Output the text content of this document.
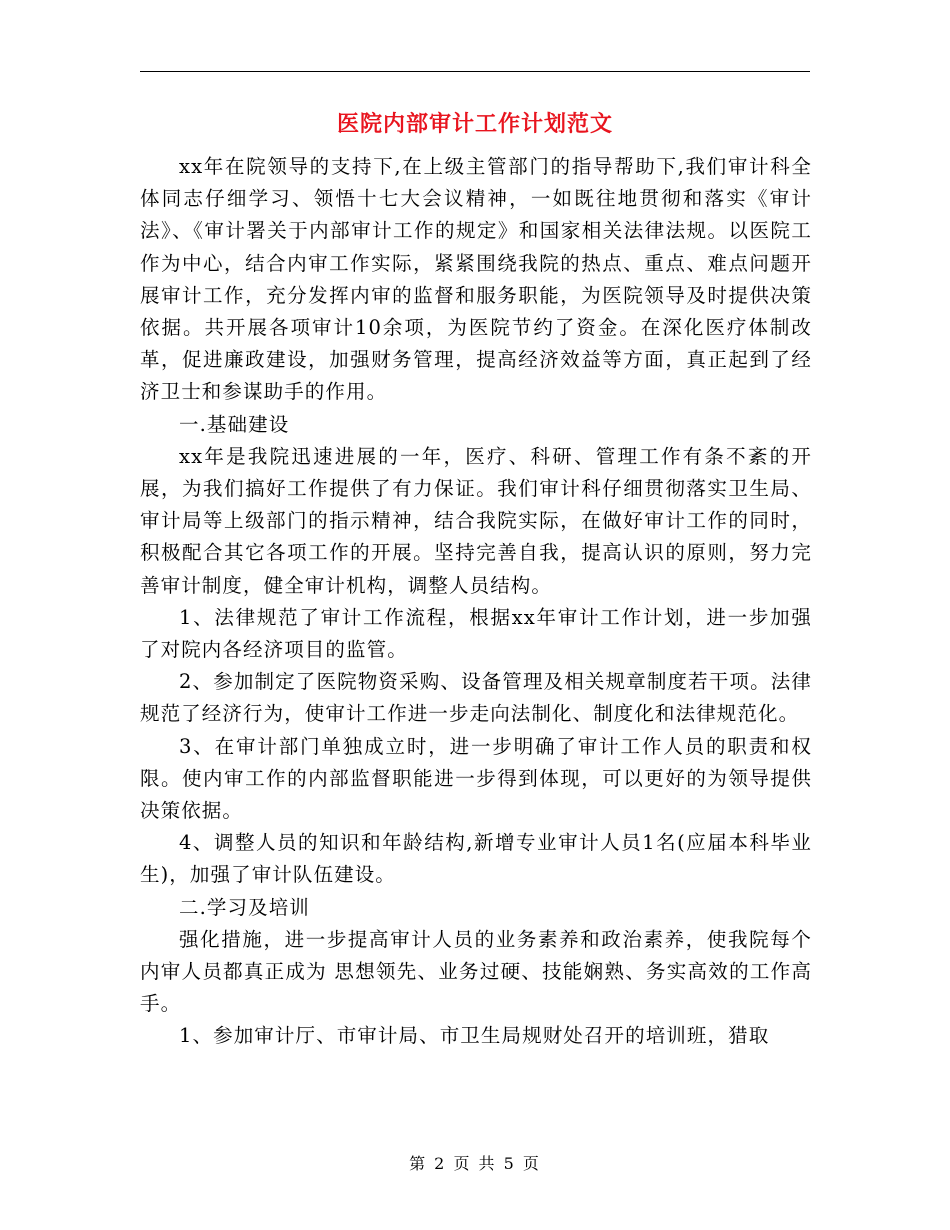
医院内部审计工作计划范文

xx年在院领导的支持下,在上级主管部门的指导帮助下,我们审计科全体同志仔细学习、领悟十七大会议精神，一如既往地贯彻和落实《审计法》、《审计署关于内部审计工作的规定》和国家相关法律法规。以医院工作为中心，结合内审工作实际，紧紧围绕我院的热点、重点、难点问题开展审计工作，充分发挥内审的监督和服务职能，为医院领导及时提供决策依据。共开展各项审计10余项，为医院节约了资金。在深化医疗体制改革，促进廉政建设，加强财务管理，提高经济效益等方面，真正起到了经济卫士和参谋助手的作用。

一.基础建设

xx年是我院迅速进展的一年，医疗、科研、管理工作有条不紊的开展，为我们搞好工作提供了有力保证。我们审计科仔细贯彻落实卫生局、审计局等上级部门的指示精神，结合我院实际，在做好审计工作的同时，积极配合其它各项工作的开展。坚持完善自我，提高认识的原则，努力完善审计制度，健全审计机构，调整人员结构。

1、法律规范了审计工作流程，根据xx年审计工作计划，进一步加强了对院内各经济项目的监管。

2、参加制定了医院物资采购、设备管理及相关规章制度若干项。法律规范了经济行为，使审计工作进一步走向法制化、制度化和法律规范化。

3、在审计部门单独成立时，进一步明确了审计工作人员的职责和权限。使内审工作的内部监督职能进一步得到体现，可以更好的为领导提供决策依据。

4、调整人员的知识和年龄结构,新增专业审计人员1名(应届本科毕业生)，加强了审计队伍建设。

二.学习及培训

强化措施，进一步提高审计人员的业务素养和政治素养，使我院每个内审人员都真正成为 思想领先、业务过硬、技能娴熟、务实高效的工作高手。

1、参加审计厅、市审计局、市卫生局规财处召开的培训班，猎取

第 2 页 共 5 页
